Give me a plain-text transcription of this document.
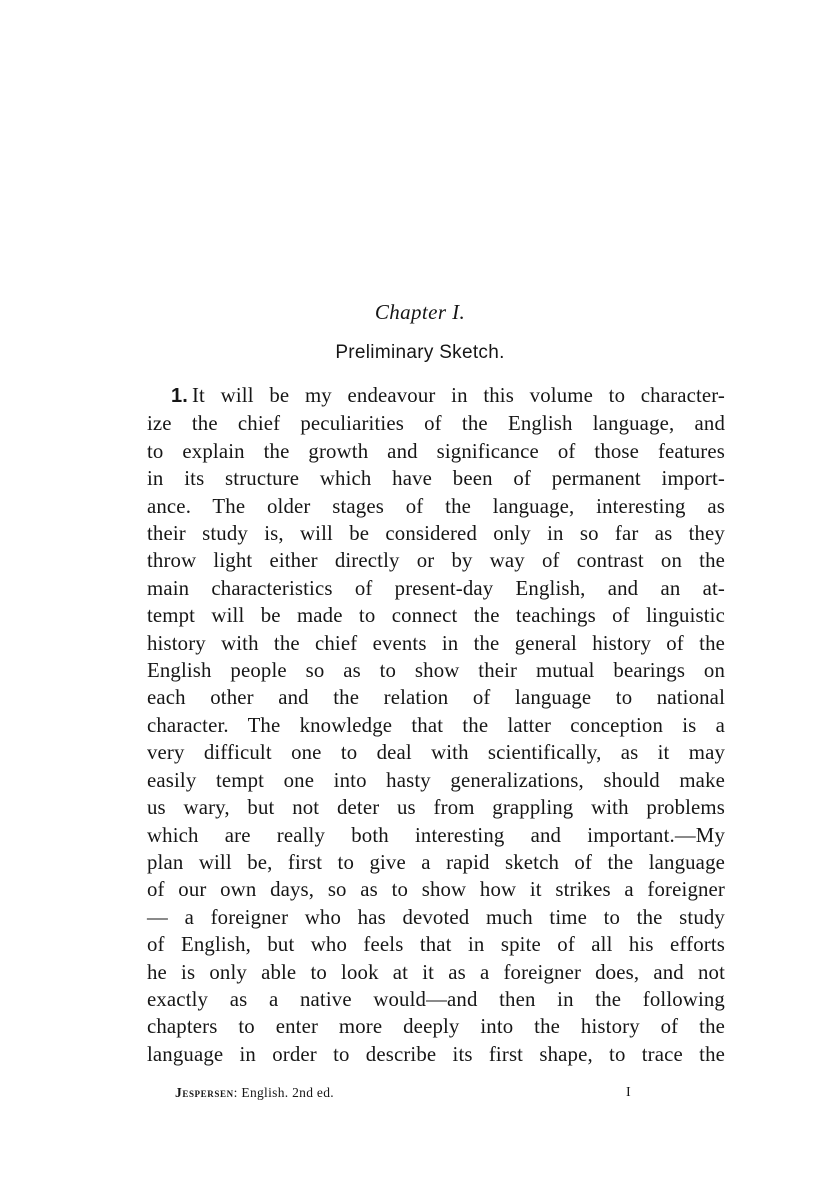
Chapter I.
Preliminary Sketch.
1. It will be my endeavour in this volume to character-
ize the chief peculiarities of the English language, and
to explain the growth and significance of those features
in its structure which have been of permanent import-
ance. The older stages of the language, interesting as
their study is, will be considered only in so far as they
throw light either directly or by way of contrast on the
main characteristics of present-day English, and an at-
tempt will be made to connect the teachings of linguistic
history with the chief events in the general history of the
English people so as to show their mutual bearings on
each other and the relation of language to national
character. The knowledge that the latter conception is a
very difficult one to deal with scientifically, as it may
easily tempt one into hasty generalizations, should make
us wary, but not deter us from grappling with problems
which are really both interesting and important.—My
plan will be, first to give a rapid sketch of the language
of our own days, so as to show how it strikes a foreigner
— a foreigner who has devoted much time to the study
of English, but who feels that in spite of all his efforts
he is only able to look at it as a foreigner does, and not
exactly as a native would—and then in the following
chapters to enter more deeply into the history of the
language in order to describe its first shape, to trace the
Jespersen: English. 2nd ed.	I
